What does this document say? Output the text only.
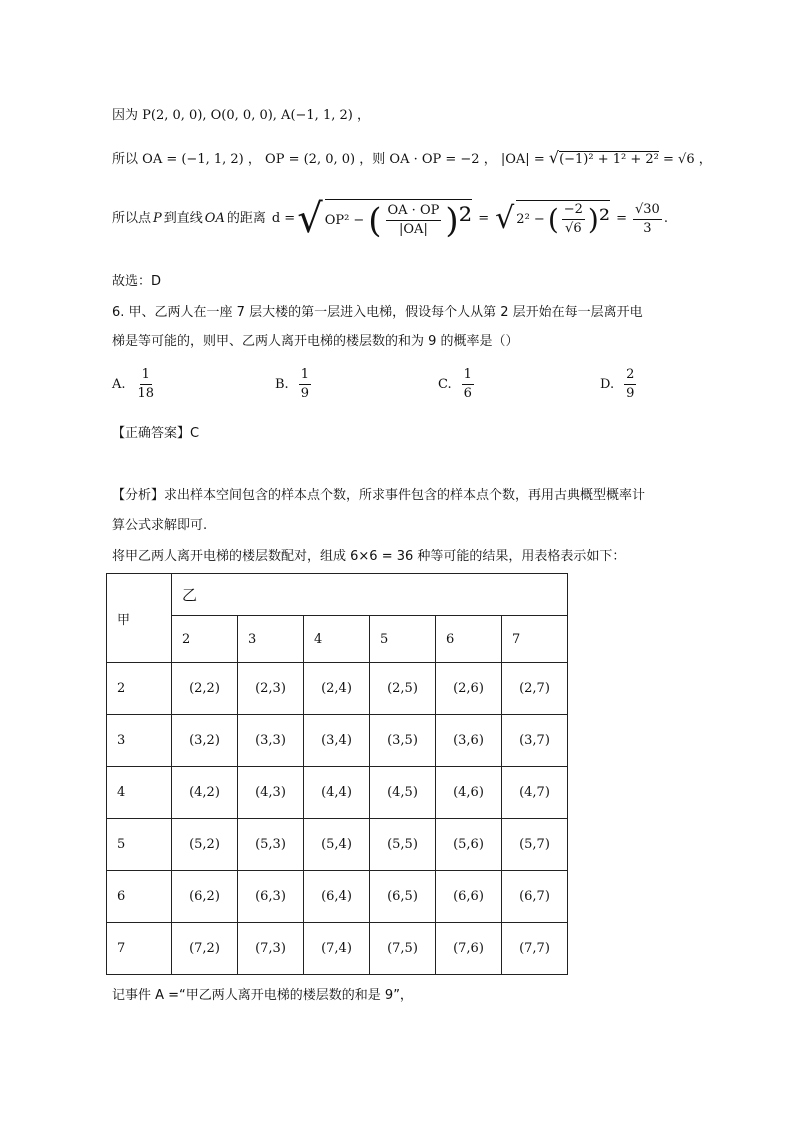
因为 P(2, 0, 0), O(0, 0, 0), A(−1, 1, 2) ，
所以 OA = (−1, 1, 2) ， OP = (2, 0, 0) ，则 OA · OP = −2 ， |OA| = √(−1)² + 1² + 2² = √6 ，
所以点 P 到直线 OA 的距离 d = √ OP² − ( $\frac{OA \cdot OP}{|OA|} )^2$ = √ 2² − ( $\frac{-2}{√6} )^2 = \frac{√30}{3}$ .
故选：D
6. 甲、乙两人在一座 7 层大楼的第一层进入电梯，假设每个人从第 2 层开始在每一层离开电
梯是等可能的，则甲、乙两人离开电梯的楼层数的和为 9 的概率是（）
A. $\frac{1}{18}$	B. $\frac{1}{9}$	C. $\frac{1}{6}$	D. $\frac{2}{9}$
【正确答案】C
【分析】求出样本空间包含的样本点个数，所求事件包含的样本点个数，再用古典概型概率计
算公式求解即可.
将甲乙两人离开电梯的楼层数配对，组成 6×6 = 36 种等可能的结果，用表格表示如下：
甲	乙					
	2	3	4	5	6	7
2	(2,2)	(2,3)	(2,4)	(2,5)	(2,6)	(2,7)
3	(3,2)	(3,3)	(3,4)	(3,5)	(3,6)	(3,7)
4	(4,2)	(4,3)	(4,4)	(4,5)	(4,6)	(4,7)
5	(5,2)	(5,3)	(5,4)	(5,5)	(5,6)	(5,7)
6	(6,2)	(6,3)	(6,4)	(6,5)	(6,6)	(6,7)
7	(7,2)	(7,3)	(7,4)	(7,5)	(7,6)	(7,7)
记事件 A =“甲乙两人离开电梯的楼层数的和是 9”，
